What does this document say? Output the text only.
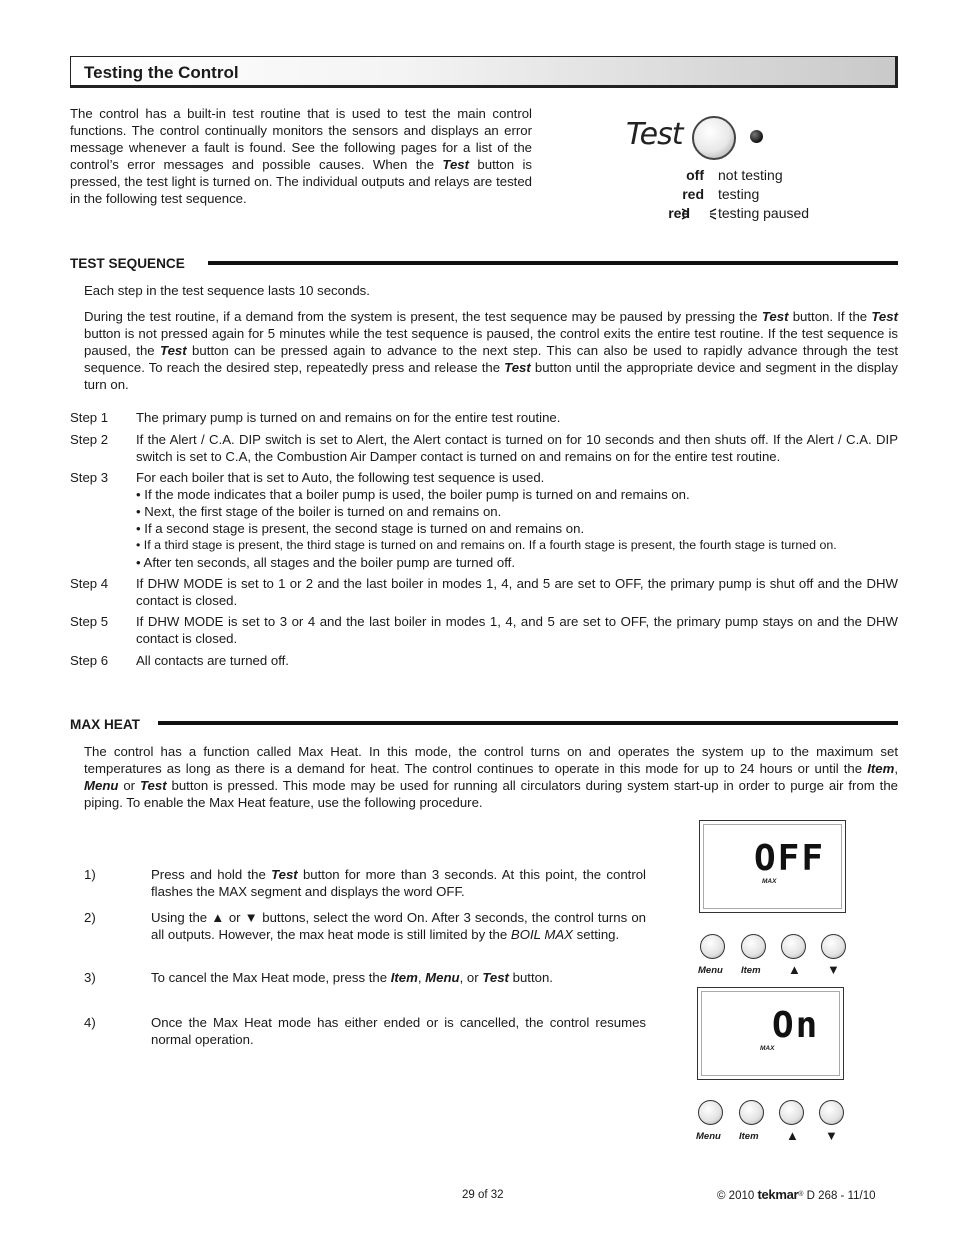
Testing the Control
The control has a built-in test routine that is used to test the main control functions. The control continually monitors the sensors and displays an error message whenever a fault is found. See the following pages for a list of the control’s error messages and possible causes. When the Test button is pressed, the test light is turned on. The individual outputs and relays are tested in the following test sequence.
Test
off not testing
red testing
red testing paused
TEST SEQUENCE
Each step in the test sequence lasts 10 seconds.
During the test routine, if a demand from the system is present, the test sequence may be paused by pressing the Test button. If the Test button is not pressed again for 5 minutes while the test sequence is paused, the control exits the entire test routine. If the test sequence is paused, the Test button can be pressed again to advance to the next step. This can also be used to rapidly advance through the test sequence. To reach the desired step, repeatedly press and release the Test button until the appropriate device and segment in the display turn on.
Step 1	The primary pump is turned on and remains on for the entire test routine.
Step 2	If the Alert / C.A. DIP switch is set to Alert, the Alert contact is turned on for 10 seconds and then shuts off. If the Alert / C.A. DIP switch is set to C.A, the Combustion Air Damper contact is turned on and remains on for the entire test routine.
Step 3	For each boiler that is set to Auto, the following test sequence is used.
• If the mode indicates that a boiler pump is used, the boiler pump is turned on and remains on.
• Next, the first stage of the boiler is turned on and remains on.
• If a second stage is present, the second stage is turned on and remains on.
• If a third stage is present, the third stage is turned on and remains on. If a fourth stage is present, the fourth stage is turned on.
• After ten seconds, all stages and the boiler pump are turned off.
Step 4	If DHW MODE is set to 1 or 2 and the last boiler in modes 1, 4, and 5 are set to OFF, the primary pump is shut off and the DHW contact is closed.
Step 5	If DHW MODE is set to 3 or 4 and the last boiler in modes 1, 4, and 5 are set to OFF, the primary pump stays on and the DHW contact is closed.
Step 6	All contacts are turned off.
MAX HEAT
The control has a function called Max Heat. In this mode, the control turns on and operates the system up to the maximum set temperatures as long as there is a demand for heat. The control continues to operate in this mode for up to 24 hours or until the Item, Menu or Test button is pressed. This mode may be used for running all circulators during system start-up in order to purge air from the piping. To enable the Max Heat feature, use the following procedure.
1)	Press and hold the Test button for more than 3 seconds. At this point, the control flashes the MAX segment and displays the word OFF.
2)	Using the ▲ or ▼ buttons, select the word On. After 3 seconds, the control turns on all outputs. However, the max heat mode is still limited by the BOIL MAX setting.
3)	To cancel the Max Heat mode, press the Item, Menu, or Test button.
4)	Once the Max Heat mode has either ended or is cancelled, the control resumes normal operation.
OFF
MAX
Menu Item ▲ ▼
On
MAX
Menu Item ▲ ▼
29 of 32	© 2010 tekmar® D 268 - 11/10
